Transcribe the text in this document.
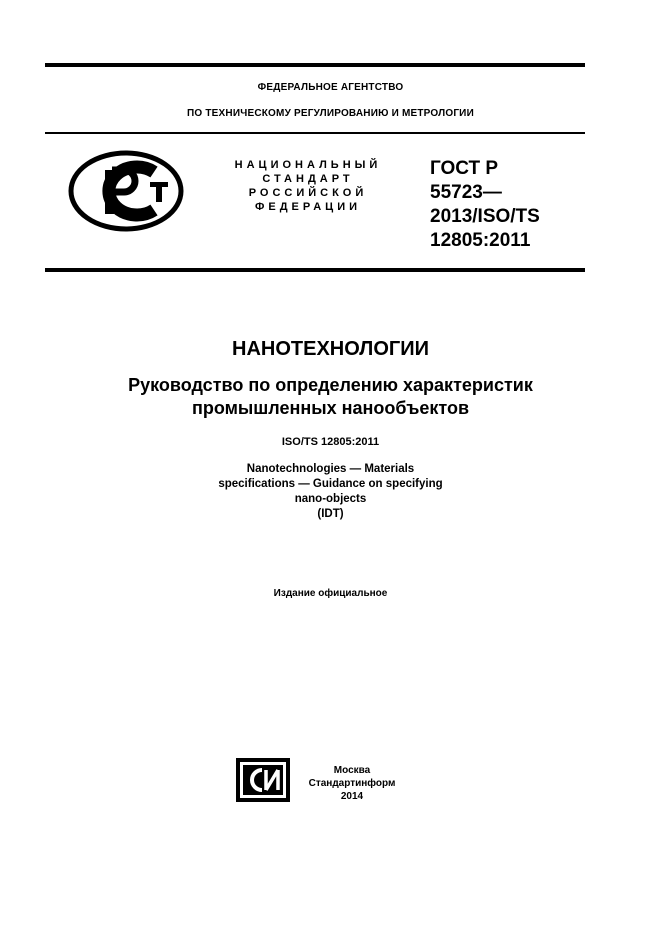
ФЕДЕРАЛЬНОЕ АГЕНТСТВО
ПО ТЕХНИЧЕСКОМУ РЕГУЛИРОВАНИЮ И МЕТРОЛОГИИ
НАЦИОНАЛЬНЫЙ
СТАНДАРТ
РОССИЙСКОЙ
ФЕДЕРАЦИИ
ГОСТ Р
55723—
2013/ISO/TS
12805:2011
НАНОТЕХНОЛОГИИ
Руководство по определению характеристик
промышленных нанообъектов
ISO/TS 12805:2011
Nanotechnologies — Materials
specifications — Guidance on specifying
nano-objects
(IDT)
Издание официальное
Москва
Стандартинформ
2014
